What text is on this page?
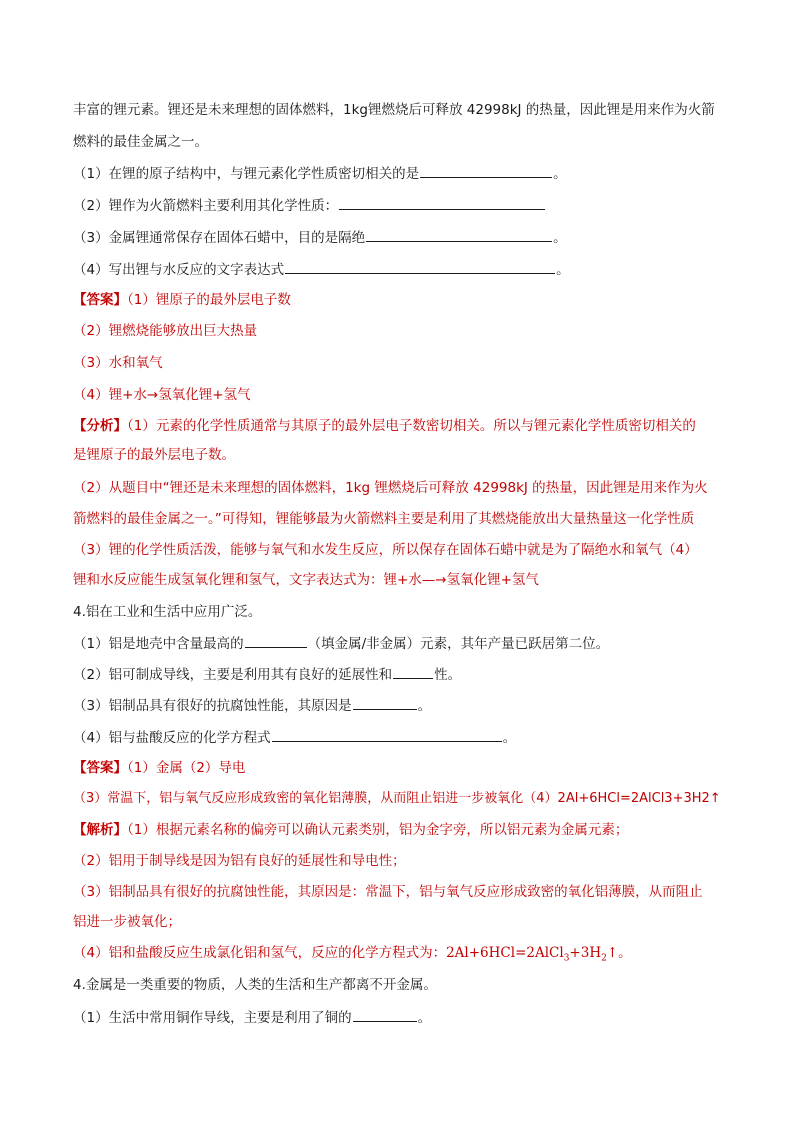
丰富的锂元素。锂还是未来理想的固体燃料，1kg锂燃烧后可释放 42998kJ 的热量，因此锂是用来作为火箭
燃料的最佳金属之一。
（1）在锂的原子结构中，与锂元素化学性质密切相关的是	。
（2）锂作为火箭燃料主要利用其化学性质：
（3）金属锂通常保存在固体石蜡中，目的是隔绝	。
（4）写出锂与水反应的文字表达式	。
【答案】（1）锂原子的最外层电子数
（2）锂燃烧能够放出巨大热量
（3）水和氧气
（4）锂+水→氢氧化锂+氢气
【分析】（1）元素的化学性质通常与其原子的最外层电子数密切相关。所以与锂元素化学性质密切相关的
是锂原子的最外层电子数。
（2）从题目中“锂还是未来理想的固体燃料，1kg 锂燃烧后可释放 42998kJ 的热量，因此锂是用来作为火
箭燃料的最佳金属之一。”可得知，锂能够最为火箭燃料主要是利用了其燃烧能放出大量热量这一化学性质
（3）锂的化学性质活泼，能够与氧气和水发生反应，所以保存在固体石蜡中就是为了隔绝水和氧气（4）
锂和水反应能生成氢氧化锂和氢气，文字表达式为：锂+水—→氢氧化锂+氢气
4.铝在工业和生活中应用广泛。
（1）铝是地壳中含量最高的	（填金属/非金属）元素，其年产量已跃居第二位。
（2）铝可制成导线，主要是利用其有良好的延展性和	性。
（3）铝制品具有很好的抗腐蚀性能，其原因是	。
（4）铝与盐酸反应的化学方程式	。
【答案】（1）金属（2）导电
（3）常温下，铝与氧气反应形成致密的氧化铝薄膜，从而阻止铝进一步被氧化（4）2Al+6HCl=2AlCl3+3H2↑
【解析】（1）根据元素名称的偏旁可以确认元素类别，铝为金字旁，所以铝元素为金属元素；
（2）铝用于制导线是因为铝有良好的延展性和导电性；
（3）铝制品具有很好的抗腐蚀性能，其原因是：常温下，铝与氧气反应形成致密的氧化铝薄膜，从而阻止
铝进一步被氧化；
（4）铝和盐酸反应生成氯化铝和氢气，反应的化学方程式为：$2Al+6HCl=2AlCl_3+3H_2↑$。
4.金属是一类重要的物质，人类的生活和生产都离不开金属。
（1）生活中常用铜作导线，主要是利用了铜的	。
